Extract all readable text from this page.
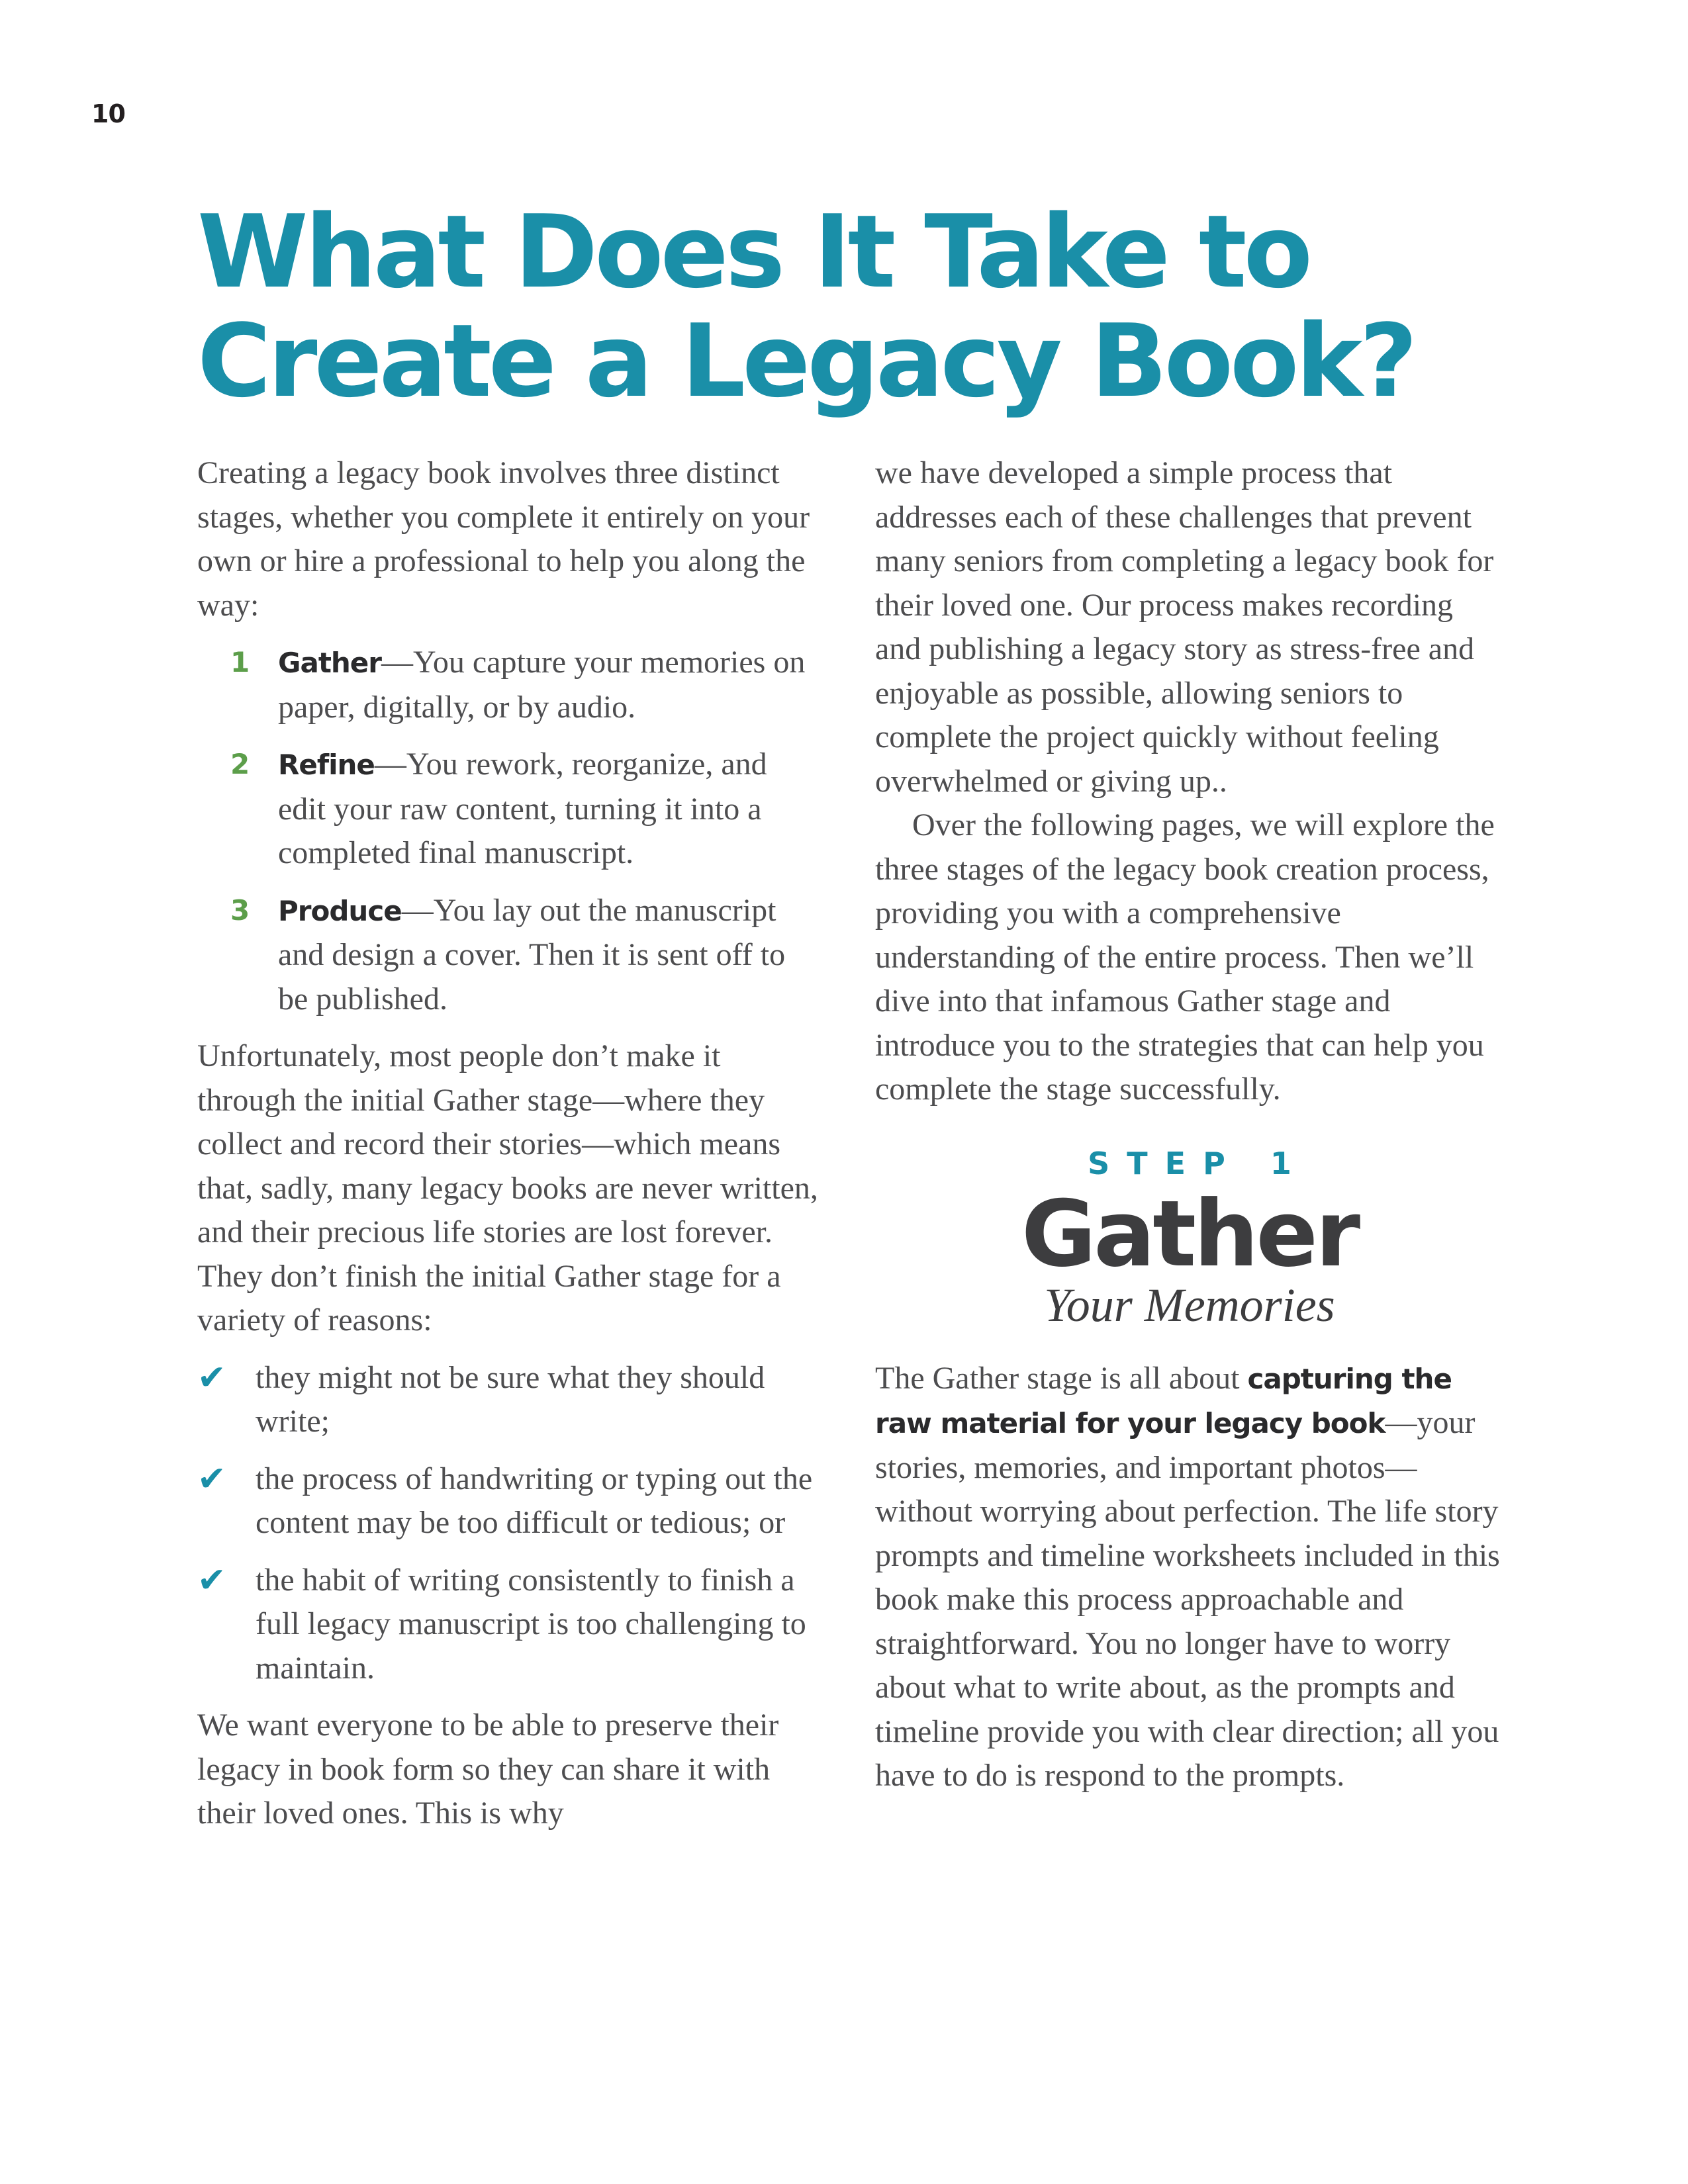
10
What Does It Take to
Create a Legacy Book?

Creating a legacy book involves three distinct stages, whether you complete it entirely on your own or hire a professional to help you along the way:

1 Gather—You capture your memories on paper, digitally, or by audio.
2 Refine—You rework, reorganize, and edit your raw content, turning it into a completed final manuscript.
3 Produce—You lay out the manuscript and design a cover. Then it is sent off to be published.

Unfortunately, most people don’t make it through the initial Gather stage—where they collect and record their stories—which means that, sadly, many legacy books are never written, and their precious life stories are lost forever. They don’t finish the initial Gather stage for a variety of reasons:

✔ they might not be sure what they should write;
✔ the process of handwriting or typing out the content may be too difficult or tedious; or
✔ the habit of writing consistently to finish a full legacy manuscript is too challenging to maintain.

We want everyone to be able to preserve their legacy in book form so they can share it with their loved ones. This is why

we have developed a simple process that addresses each of these challenges that prevent many seniors from completing a legacy book for their loved one. Our process makes recording and publishing a legacy story as stress-free and enjoyable as possible, allowing seniors to complete the project quickly without feeling overwhelmed or giving up..

Over the following pages, we will explore the three stages of the legacy book creation process, providing you with a comprehensive understanding of the entire process. Then we’ll dive into that infamous Gather stage and introduce you to the strategies that can help you complete the stage successfully.

STEP 1
Gather
Your Memories

The Gather stage is all about capturing the raw material for your legacy book—your stories, memories, and important photos—without worrying about perfection. The life story prompts and timeline worksheets included in this book make this process approachable and straightforward. You no longer have to worry about what to write about, as the prompts and timeline provide you with clear direction; all you have to do is respond to the prompts.
